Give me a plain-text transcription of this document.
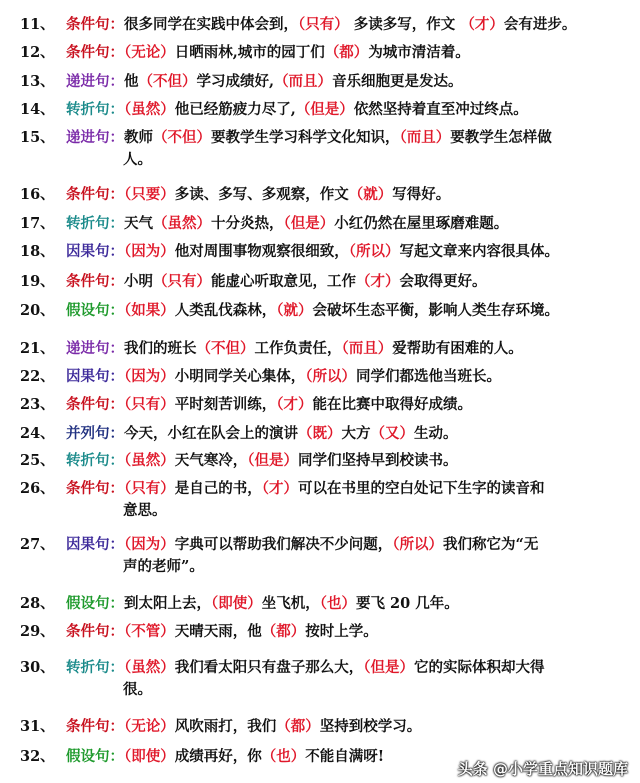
11、 条件句：很多同学在实践中体会到，（只有） 多读多写，作文 （才）会有进步。
12、 条件句：（无论）日晒雨林,城市的园丁们（都）为城市清洁着。
13、 递进句：他（不但）学习成绩好,（而且）音乐细胞更是发达。
14、 转折句：（虽然）他已经筋疲力尽了,（但是）依然坚持着直至冲过终点。
15、 递进句：教师（不但）要教学生学习科学文化知识，（而且）要教学生怎样做
人。
16、 条件句：（只要）多读、多写、多观察，作文（就）写得好。
17、 转折句：天气（虽然）十分炎热，（但是）小红仍然在屋里琢磨难题。
18、 因果句：（因为）他对周围事物观察很细致，（所以）写起文章来内容很具体。
19、 条件句：小明（只有）能虚心听取意见，工作（才）会取得更好。
20、 假设句：（如果）人类乱伐森林，（就）会破坏生态平衡，影响人类生存环境。
21、 递进句：我们的班长（不但）工作负责任，（而且）爱帮助有困难的人。
22、 因果句：（因为）小明同学关心集体，（所以）同学们都选他当班长。
23、 条件句：（只有）平时刻苦训练，（才）能在比赛中取得好成绩。
24、 并列句：今天，小红在队会上的演讲（既）大方（又）生动。
25、 转折句：（虽然）天气寒冷，（但是）同学们坚持早到校读书。
26、 条件句：（只有）是自己的书，（才）可以在书里的空白处记下生字的读音和
意思。
27、 因果句：（因为）字典可以帮助我们解决不少问题，（所以）我们称它为“无
声的老师”。
28、 假设句：到太阳上去，（即使）坐飞机，（也）要飞 20 几年。
29、 条件句：（不管）天晴天雨，他（都）按时上学。
30、 转折句：（虽然）我们看太阳只有盘子那么大，（但是）它的实际体积却大得
很。
31、 条件句：（无论）风吹雨打，我们（都）坚持到校学习。
32、 假设句：（即使）成绩再好，你（也）不能自满呀!
头条 @小学重点知识题库
